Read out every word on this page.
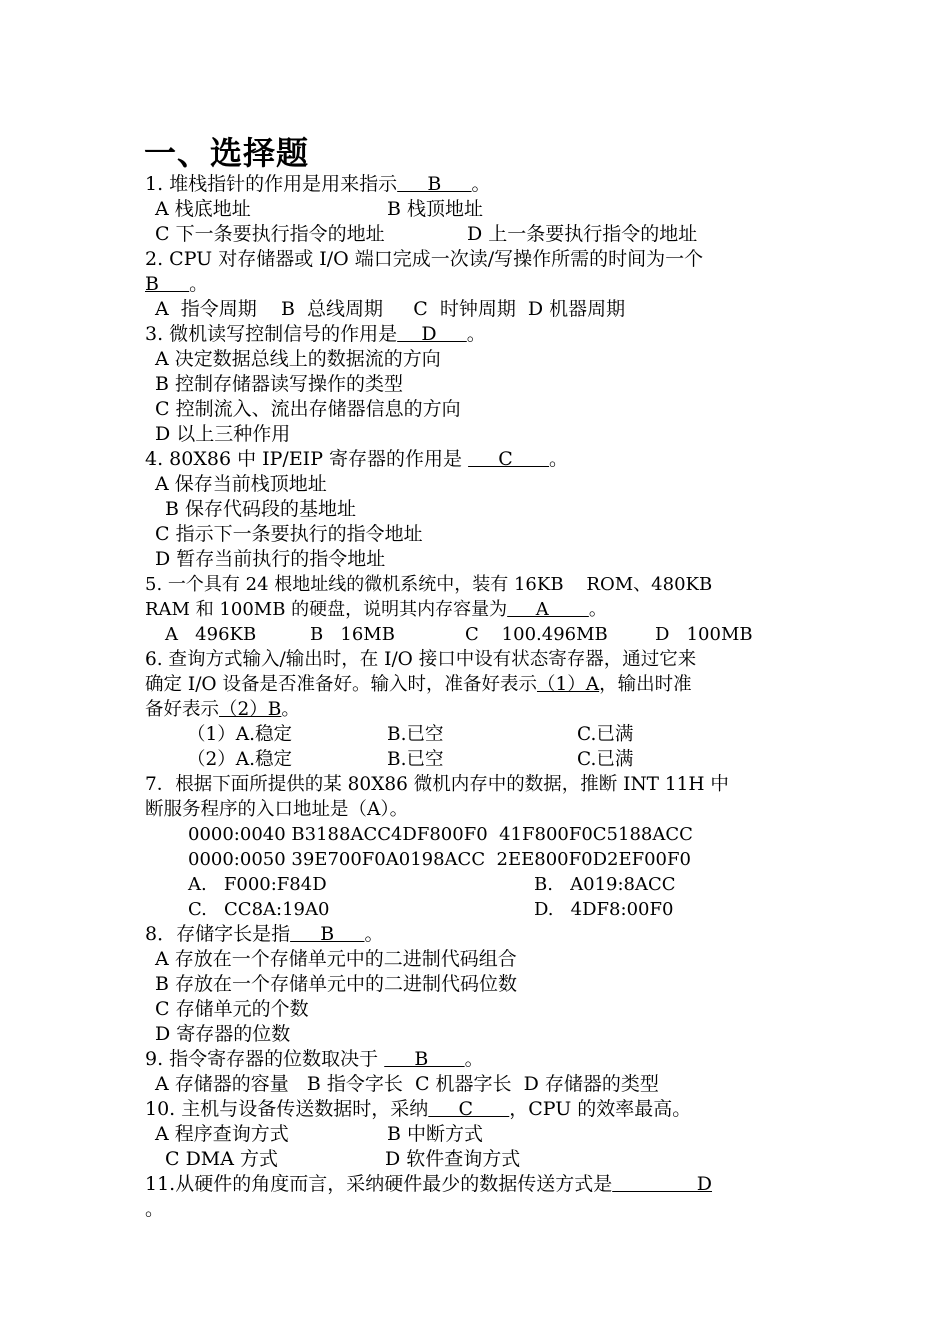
一、选择题
1. 堆栈指针的作用是用来指示     B     。
A 栈底地址	B 栈顶地址
C 下一条要执行指令的地址	D 上一条要执行指令的地址
2. CPU 对存储器或 I/O 端口完成一次读/写操作所需的时间为一个
B     。
A  指令周期    B  总线周期     C  时钟周期  D 机器周期
3. 微机读写控制信号的作用是    D     。
A 决定数据总线上的数据流的方向
B 控制存储器读写操作的类型
C 控制流入、流出存储器信息的方向
D 以上三种作用
4. 80X86 中 IP/EIP 寄存器的作用是      C      。
A 保存当前栈顶地址
B 保存代码段的基地址
C 指示下一条要执行的指令地址
D 暂存当前执行的指令地址
5. 一个具有 24 根地址线的微机系统中，装有 16KB    ROM、480KB
RAM 和 100MB 的硬盘，说明其内存容量为     A       。
A   496KB	B   16MB	C    100.496MB	D   100MB
6. 查询方式输入/输出时，在 I/O 接口中设有状态寄存器，通过它来
确定 I/O 设备是否准备好。输入时，准备好表示（1）A，输出时准
备好表示（2）B。
（1）A.稳定	B.已空	C.已满
（2）A.稳定	B.已空	C.已满
7．根据下面所提供的某 80X86 微机内存中的数据，推断 INT 11H 中
断服务程序的入口地址是（A）。
0000:0040 B3188ACC4DF800F0  41F800F0C5188ACC
0000:0050 39E700F0A0198ACC  2EE800F0D2EF00F0
A.   F000:F84D	B.   A019:8ACC
C.   CC8A:19A0	D.   4DF8:00F0
8．存储字长是指     B     。
A 存放在一个存储单元中的二进制代码组合
B 存放在一个存储单元中的二进制代码位数
C 存储单元的个数
D 寄存器的位数
9. 指令寄存器的位数取决于      B      。
A 存储器的容量   B 指令字长  C 机器字长  D 存储器的类型
10. 主机与设备传送数据时，采纳     C      ，CPU 的效率最高。
A 程序查询方式	B 中断方式
C DMA 方式	D 软件查询方式
11.从硬件的角度而言，采纳硬件最少的数据传送方式是              D
。
